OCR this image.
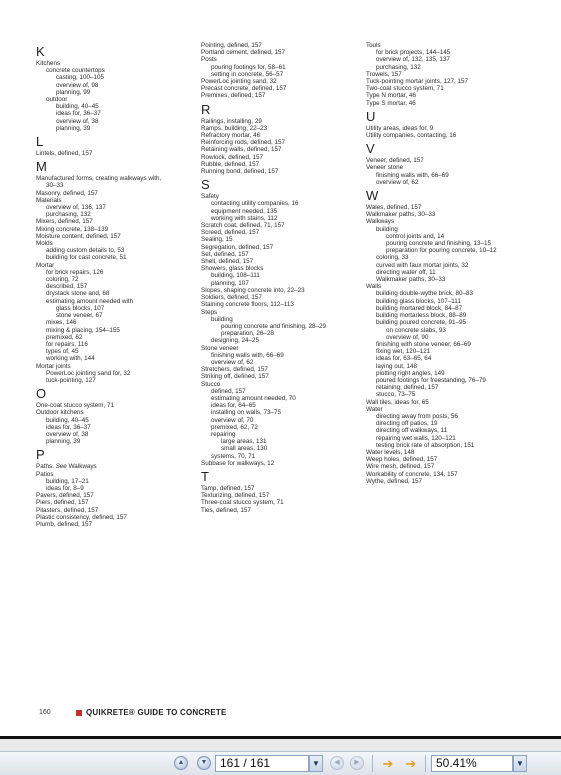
K
Kitchens
concrete countertops
casting, 100–105
overview of, 98
planning, 99
outdoor
building, 40–45
ideas for, 36–37
overview of, 38
planning, 39
L
Lintels, defined, 157
M
Manufactured forms, creating walkways with,
30–33
Masonry, defined, 157
Materials
overview of, 136, 137
purchasing, 132
Mixers, defined, 157
Mixing concrete, 138–139
Moisture content, defined, 157
Molds
adding custom details to, 53
building for cast concrete, 51
Mortar
for brick repairs, 126
coloring, 72
described, 157
drystack stone and, 68
estimating amount needed with
glass blocks, 107
stone veneer, 67
mixes, 146
mixing & placing, 154–155
premixed, 62
for repairs, 116
types of, 45
working with, 144
Mortar joints
PowerLoc jointing sand for, 32
tuck-pointing, 127
O
One-coat stucco system, 71
Outdoor kitchens
building, 40–45
ideas for, 36–37
overview of, 38
planning, 39
P
Paths. See Walkways
Patios
building, 17–21
ideas for, 8–9
Pavers, defined, 157
Piers, defined, 157
Pilasters, defined, 157
Plastic consistency, defined, 157
Plumb, defined, 157
Pointing, defined, 157
Portland cement, defined, 157
Posts
pouring footings for, 58–61
setting in concrete, 56–57
PowerLoc jointing sand, 32
Precast concrete, defined, 157
Premixes, defined, 157
R
Railings, installing, 29
Ramps, building, 22–23
Refractory mortar, 46
Reinforcing rods, defined, 157
Retaining walls, defined, 157
Rowlock, defined, 157
Rubble, defined, 157
Running bond, defined, 157
S
Safety
contacting utility companies, 16
equipment needed, 135
working with stains, 112
Scratch coat, defined, 71, 157
Screed, defined, 157
Sealing, 15
Segregation, defined, 157
Set, defined, 157
Shell, defined, 157
Showers, glass blocks
building, 108–111
planning, 107
Slopes, shaping concrete into, 22–23
Soldiers, defined, 157
Staining concrete floors, 112–113
Steps
building
pouring concrete and finishing, 28–29
preparation, 26–28
designing, 24–25
Stone veneer
finishing walls with, 66–69
overview of, 62
Stretchers, defined, 157
Striking off, defined, 157
Stucco
defined, 157
estimating amount needed, 70
ideas for, 64–65
installing on walls, 73–75
overview of, 70
premixed, 62, 72
repairing
large areas, 131
small areas, 130
systems, 70, 71
Subbase for walkways, 12
T
Tamp, defined, 157
Texturizing, defined, 157
Three-coat stucco system, 71
Ties, defined, 157
Tools
for brick projects, 144–145
overview of, 132, 135, 137
purchasing, 132
Trowels, 157
Tuck-pointing mortar joints, 127, 157
Two-coat stucco system, 71
Type N mortar, 46
Type S mortar, 46
U
Utility areas, ideas for, 9
Utility companies, contacting, 16
V
Veneer, defined, 157
Veneer stone
finishing walls with, 66–69
overview of, 62
W
Wales, defined, 157
Walkmaker paths, 30–33
Walkways
building
control joints and, 14
pouring concrete and finishing, 13–15
preparation for pouring concrete, 10–12
coloring, 33
curved with faux mortar joints, 32
directing water off, 11
Walkmaker paths, 30–33
Walls
building double-wythe brick, 80–83
building glass blocks, 107–111
building mortared block, 84–87
building mortarless block, 88–89
building poured concrete, 91–95
on concrete slabs, 93
overview of, 90
finishing with stone veneer, 66–69
fixing wet, 120–121
ideas for, 63–65, 64
laying out, 148
plotting right angles, 149
poured footings for freestanding, 76–79
retaining, defined, 157
stucco, 73–75
Wall tiles, ideas for, 65
Water
directing away from posts, 56
directing off patios, 19
directing off walkways, 11
repairing wet walls, 120–121
testing brick rate of absorption, 151
Water levels, 148
Weep holes, defined, 157
Wire mesh, defined, 157
Workability of concrete, 134, 157
Wythe, defined, 157
160	QUIKRETE® GUIDE TO CONCRETE
▲	▼	161 / 161	▼	◀	▶	➔ ➔	50.41%	▼
